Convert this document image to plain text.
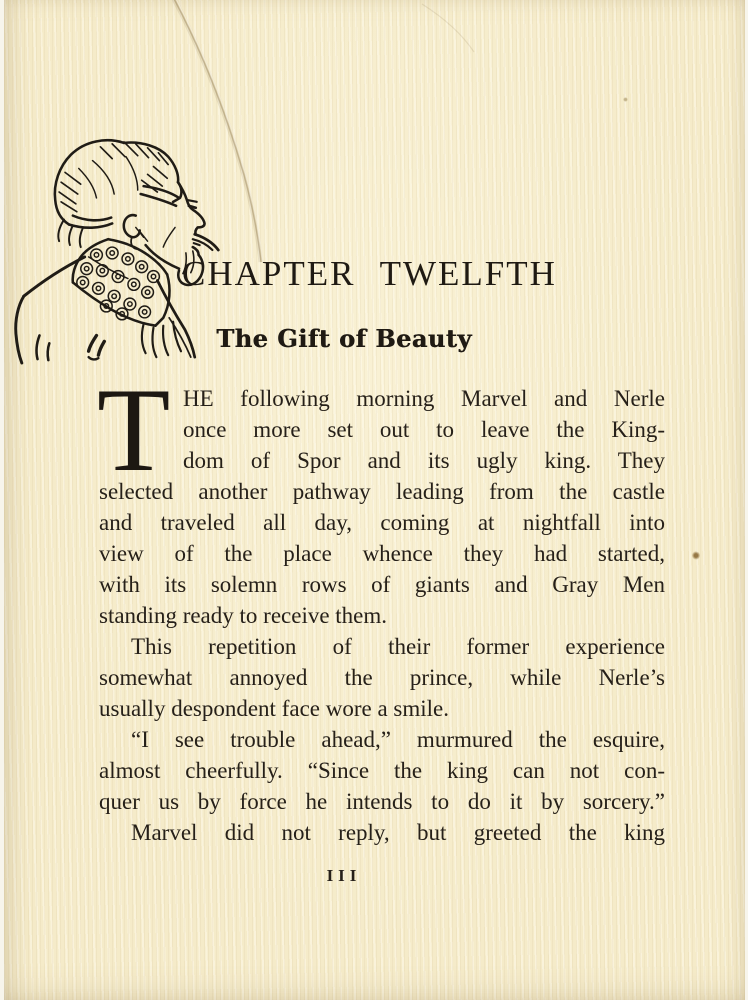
CHAPTER TWELFTH
The Gift of Beauty
T HE following morning Marvel and Nerle
once more set out to leave the King-
dom of Spor and its ugly king. They
selected another pathway leading from the castle
and traveled all day, coming at nightfall into
view of the place whence they had started,
with its solemn rows of giants and Gray Men
standing ready to receive them.
This repetition of their former experience
somewhat annoyed the prince, while Nerle’s
usually despondent face wore a smile.
“I see trouble ahead,” murmured the esquire,
almost cheerfully. “Since the king can not con-
quer us by force he intends to do it by sorcery.”
Marvel did not reply, but greeted the king
III
